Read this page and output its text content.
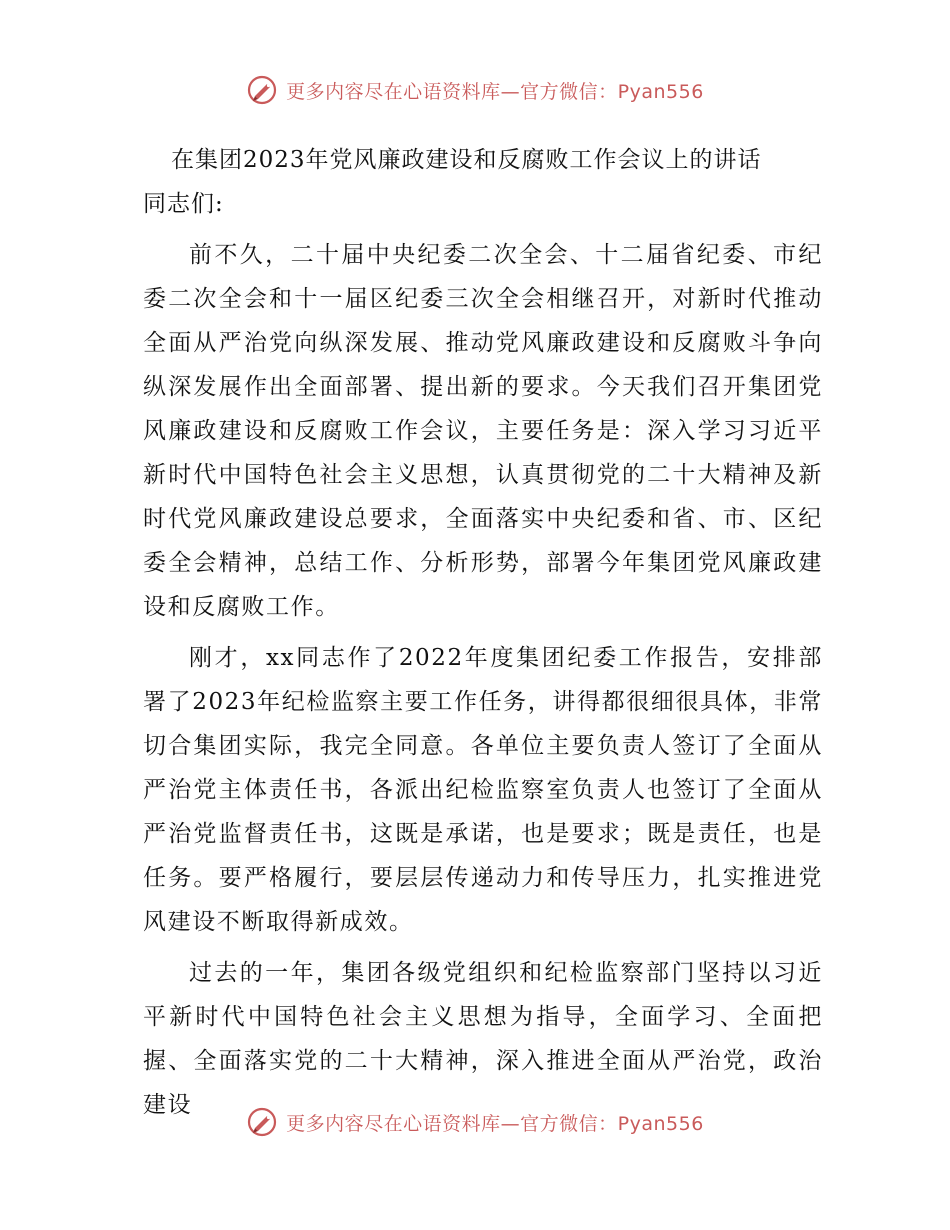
更多内容尽在心语资料库—官方微信：Pyan556
在集团2023年党风廉政建设和反腐败工作会议上的讲话

同志们:

前不久，二十届中央纪委二次全会、十二届省纪委、市纪委二次全会和十一届区纪委三次全会相继召开，对新时代推动全面从严治党向纵深发展、推动党风廉政建设和反腐败斗争向纵深发展作出全面部署、提出新的要求。今天我们召开集团党风廉政建设和反腐败工作会议，主要任务是：深入学习习近平新时代中国特色社会主义思想，认真贯彻党的二十大精神及新时代党风廉政建设总要求，全面落实中央纪委和省、市、区纪委全会精神，总结工作、分析形势，部署今年集团党风廉政建设和反腐败工作。

刚才，xx同志作了2022年度集团纪委工作报告，安排部署了2023年纪检监察主要工作任务，讲得都很细很具体，非常切合集团实际，我完全同意。各单位主要负责人签订了全面从严治党主体责任书，各派出纪检监察室负责人也签订了全面从严治党监督责任书，这既是承诺，也是要求；既是责任，也是任务。要严格履行，要层层传递动力和传导压力，扎实推进党风建设不断取得新成效。

过去的一年，集团各级党组织和纪检监察部门坚持以习近平新时代中国特色社会主义思想为指导，全面学习、全面把握、全面落实党的二十大精神，深入推进全面从严治党，政治建设

更多内容尽在心语资料库—官方微信：Pyan556
